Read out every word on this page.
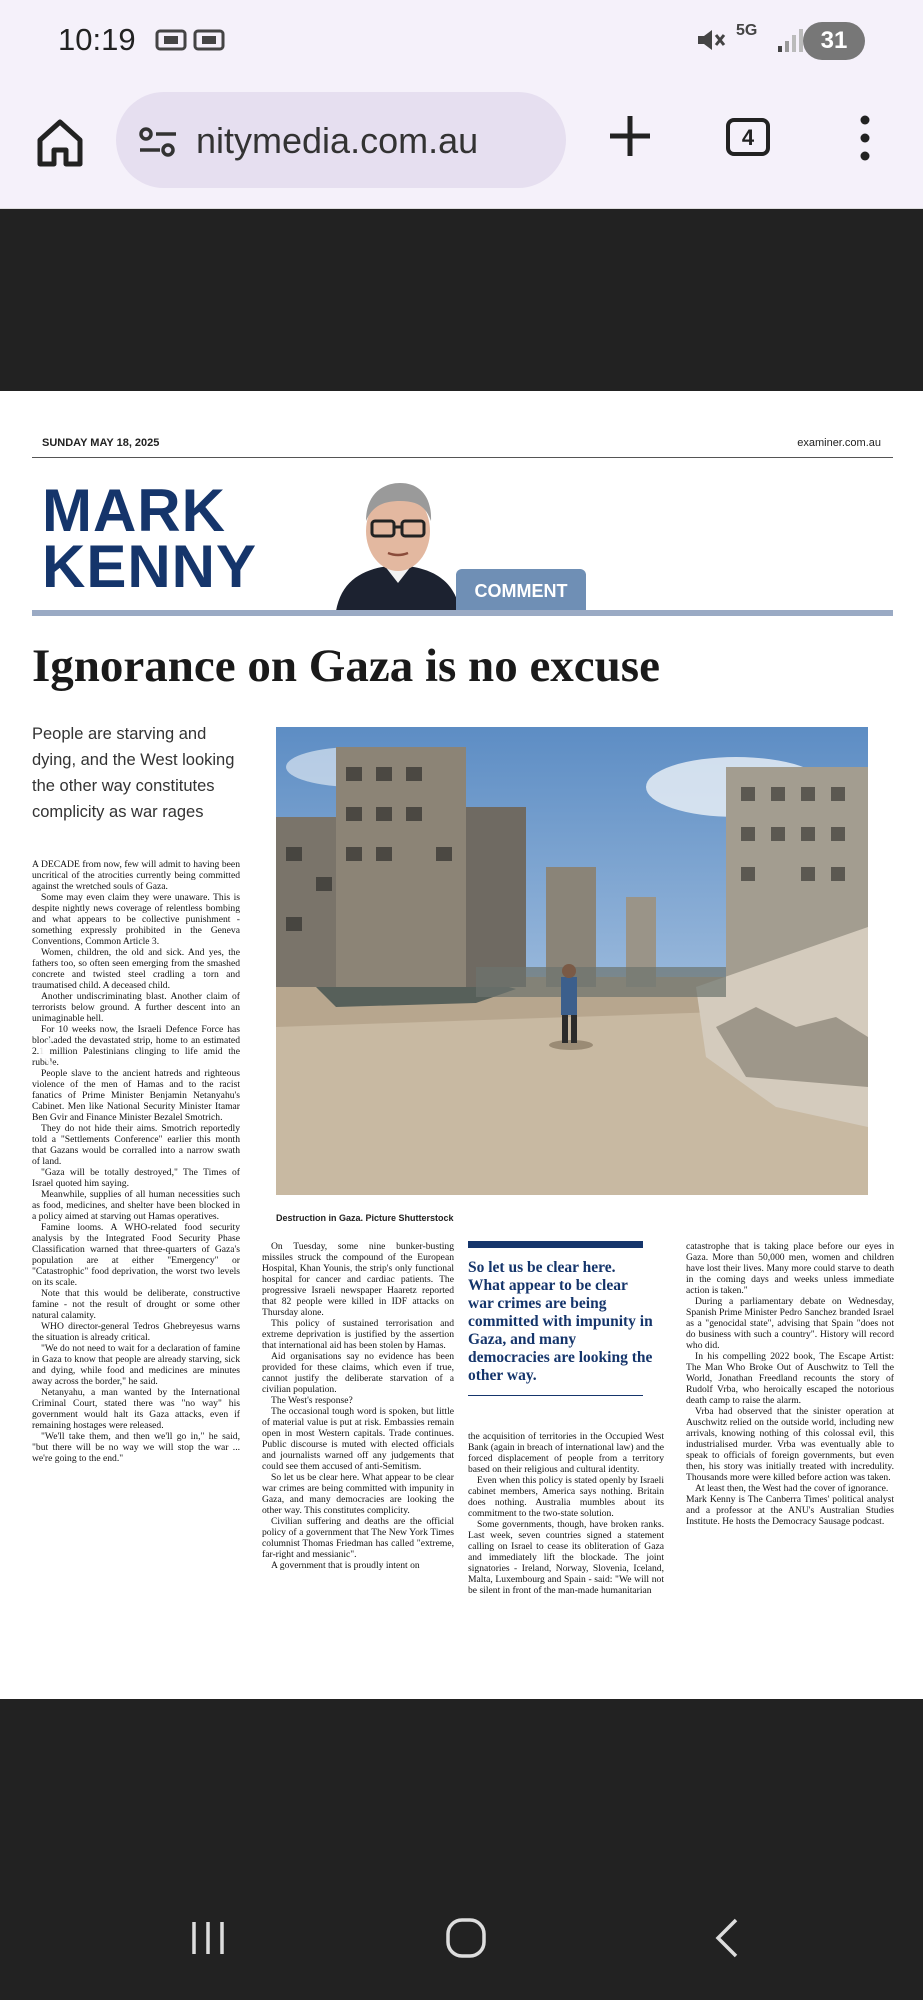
10:19	5G	31
nitymedia.com.au	4
SUNDAY MAY 18, 2025	examiner.com.au
MARK
KENNY	COMMENT
Ignorance on Gaza is no excuse
People are starving and dying, and the West looking the other way constitutes complicity as war rages
Destruction in Gaza. Picture Shutterstock

A DECADE from now, few will admit to having been uncritical of the atrocities currently being committed against the wretched souls of Gaza.

Some may even claim they were unaware. This is despite nightly news coverage of relentless bombing and what appears to be collective punishment - something expressly prohibited in the Geneva Conventions, Common Article 3.

Women, children, the old and sick. And yes, the fathers too, so often seen emerging from the smashed concrete and twisted steel cradling a torn and traumatised child. A deceased child.

Another undiscriminating blast. Another claim of terrorists below ground. A further descent into an unimaginable hell.

For 10 weeks now, the Israeli Defence Force has blockaded the devastated strip, home to an estimated 2.1 million Palestinians clinging to life amid the rubble.

People slave to the ancient hatreds and righteous violence of the men of Hamas and to the racist fanatics of Prime Minister Benjamin Netanyahu's Cabinet. Men like National Security Minister Itamar Ben Gvir and Finance Minister Bezalel Smotrich.

They do not hide their aims. Smotrich reportedly told a "Settlements Conference" earlier this month that Gazans would be corralled into a narrow swath of land.

"Gaza will be totally destroyed," The Times of Israel quoted him saying.

Meanwhile, supplies of all human necessities such as food, medicines, and shelter have been blocked in a policy aimed at starving out Hamas operatives.

Famine looms. A WHO-related food security analysis by the Integrated Food Security Phase Classification warned that three-quarters of Gaza's population are at either "Emergency" or "Catastrophic" food deprivation, the worst two levels on its scale.

Note that this would be deliberate, constructive famine - not the result of drought or some other natural calamity.

WHO director-general Tedros Ghebreyesus warns the situation is already critical.

"We do not need to wait for a declaration of famine in Gaza to know that people are already starving, sick and dying, while food and medicines are minutes away across the border," he said.

Netanyahu, a man wanted by the International Criminal Court, stated there was "no way" his government would halt its Gaza attacks, even if remaining hostages were released.

"We'll take them, and then we'll go in," he said, "but there will be no way we will stop the war ... we're going to the end."

On Tuesday, some nine bunker-busting missiles struck the compound of the European Hospital, Khan Younis, the strip's only functional hospital for cancer and cardiac patients. The progressive Israeli newspaper Haaretz reported that 82 people were killed in IDF attacks on Thursday alone.

This policy of sustained terrorisation and extreme deprivation is justified by the assertion that international aid has been stolen by Hamas.

Aid organisations say no evidence has been provided for these claims, which even if true, cannot justify the deliberate starvation of a civilian population.

The West's response?

The occasional tough word is spoken, but little of material value is put at risk. Embassies remain open in most Western capitals. Trade continues. Public discourse is muted with elected officials and journalists warned off any judgements that could see them accused of anti-Semitism.

So let us be clear here. What appear to be clear war crimes are being committed with impunity in Gaza, and many democracies are looking the other way. This constitutes complicity.

Civilian suffering and deaths are the official policy of a government that The New York Times columnist Thomas Friedman has called "extreme, far-right and messianic".

A government that is proudly intent on

So let us be clear here. What appear to be clear war crimes are being committed with impunity in Gaza, and many democracies are looking the other way.

the acquisition of territories in the Occupied West Bank (again in breach of international law) and the forced displacement of people from a territory based on their religious and cultural identity.

Even when this policy is stated openly by Israeli cabinet members, America says nothing. Britain does nothing. Australia mumbles about its commitment to the two-state solution.

Some governments, though, have broken ranks. Last week, seven countries signed a statement calling on Israel to cease its obliteration of Gaza and immediately lift the blockade. The joint signatories - Ireland, Norway, Slovenia, Iceland, Malta, Luxembourg and Spain - said: "We will not be silent in front of the man-made humanitarian

catastrophe that is taking place before our eyes in Gaza. More than 50,000 men, women and children have lost their lives. Many more could starve to death in the coming days and weeks unless immediate action is taken."

During a parliamentary debate on Wednesday, Spanish Prime Minister Pedro Sanchez branded Israel as a "genocidal state", advising that Spain "does not do business with such a country". History will record who did.

In his compelling 2022 book, The Escape Artist: The Man Who Broke Out of Auschwitz to Tell the World, Jonathan Freedland recounts the story of Rudolf Vrba, who heroically escaped the notorious death camp to raise the alarm.

Vrba had observed that the sinister operation at Auschwitz relied on the outside world, including new arrivals, knowing nothing of this colossal evil, this industrialised murder. Vrba was eventually able to speak to officials of foreign governments, but even then, his story was initially treated with incredulity. Thousands more were killed before action was taken.

At least then, the West had the cover of ignorance.

Mark Kenny is The Canberra Times' political analyst and a professor at the ANU's Australian Studies Institute. He hosts the Democracy Sausage podcast.
